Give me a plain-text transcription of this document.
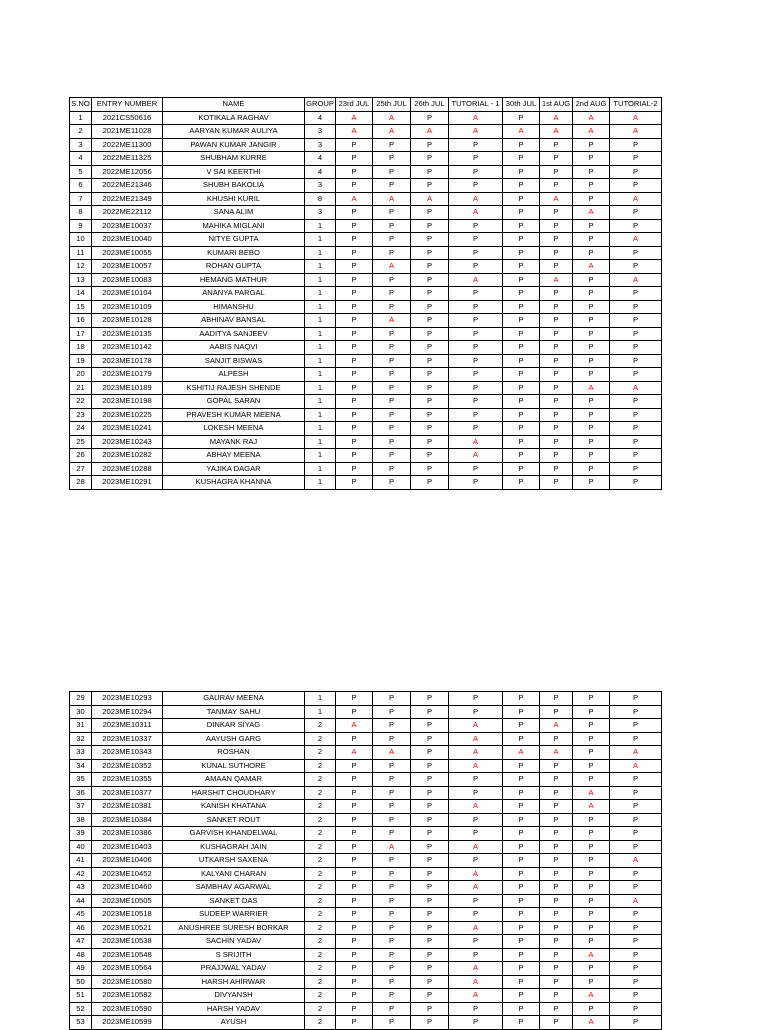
S.NO	ENTRY NUMBER	NAME	GROUP	23rd JUL	25th JUL	26th JUL	TUTORIAL - 1	30th JUL	1st AUG	2nd AUG	TUTORIAL-2
1	2021CS50616	KOTIKALA RAGHAV	4	A	A	P	A	P	A	A	A
2	2021ME11028	AARYAN KUMAR AULIYA	3	A	A	A	A	A	A	A	A
3	2022ME11300	PAWAN KUMAR JANGIR	3	P	P	P	P	P	P	P	P
4	2022ME11325	SHUBHAM KURRE	4	P	P	P	P	P	P	P	P
5	2022ME12056	V SAI KEERTHI	4	P	P	P	P	P	P	P	P
6	2022ME21346	SHUBH BAKOLIA	3	P	P	P	P	P	P	P	P
7	2022ME21349	KHUSHI KURIL	8	A	A	A	A	P	A	P	A
8	2022ME22112	SANA ALIM	3	P	P	P	A	P	P	A	P
9	2023ME10037	MAHIKA MIGLANI	1	P	P	P	P	P	P	P	P
10	2023ME10040	NITYE GUPTA	1	P	P	P	P	P	P	P	A
11	2023ME10055	KUMARI BEBO	1	P	P	P	P	P	P	P	P
12	2023ME10057	ROHAN GUPTA	1	P	A	P	P	P	P	A	P
13	2023ME10083	HEMANG MATHUR	1	P	P	P	A	P	A	P	A
14	2023ME10104	ANANYA PARGAL	1	P	P	P	P	P	P	P	P
15	2023ME10109	HIMANSHU	1	P	P	P	P	P	P	P	P
16	2023ME10128	ABHINAV BANSAL	1	P	A	P	P	P	P	P	P
17	2023ME10135	AADITYA SANJEEV	1	P	P	P	P	P	P	P	P
18	2023ME10142	AABIS NAQVI	1	P	P	P	P	P	P	P	P
19	2023ME10178	SANJIT BISWAS	1	P	P	P	P	P	P	P	P
20	2023ME10179	ALPESH	1	P	P	P	P	P	P	P	P
21	2023ME10189	KSHITIJ RAJESH SHENDE	1	P	P	P	P	P	P	A	A
22	2023ME10198	GOPAL SARAN	1	P	P	P	P	P	P	P	P
23	2023ME10225	PRAVESH KUMAR MEENA	1	P	P	P	P	P	P	P	P
24	2023ME10241	LOKESH MEENA	1	P	P	P	P	P	P	P	P
25	2023ME10243	MAYANK RAJ	1	P	P	P	A	P	P	P	P
26	2023ME10282	ABHAY MEENA	1	P	P	P	A	P	P	P	P
27	2023ME10288	YAJIKA DAGAR	1	P	P	P	P	P	P	P	P
28	2023ME10291	KUSHAGRA KHANNA	1	P	P	P	P	P	P	P	P
29	2023ME10293	GAURAV MEENA	1	P	P	P	P	P	P	P	P
30	2023ME10294	TANMAY SAHU	1	P	P	P	P	P	P	P	P
31	2023ME10311	DINKAR SIYAG	2	A	P	P	A	P	A	P	P
32	2023ME10337	AAYUSH GARG	2	P	P	P	A	P	P	P	P
33	2023ME10343	ROSHAN	2	A	A	P	A	A	A	P	A
34	2023ME10352	KUNAL SUTHORE	2	P	P	P	A	P	P	P	A
35	2023ME10355	AMAAN QAMAR	2	P	P	P	P	P	P	P	P
36	2023ME10377	HARSHIT CHOUDHARY	2	P	P	P	P	P	P	A	P
37	2023ME10381	KANISH KHATANA	2	P	P	P	A	P	P	A	P
38	2023ME10384	SANKET ROUT	2	P	P	P	P	P	P	P	P
39	2023ME10386	GARVISH KHANDELWAL	2	P	P	P	P	P	P	P	P
40	2023ME10403	KUSHAGRAH JAIN	2	P	A	P	A	P	P	P	P
41	2023ME10406	UTKARSH SAXENA	2	P	P	P	P	P	P	P	A
42	2023ME10452	KALYANI CHARAN	2	P	P	P	A	P	P	P	P
43	2023ME10460	SAMBHAV AGARWAL	2	P	P	P	A	P	P	P	P
44	2023ME10505	SANKET DAS	2	P	P	P	P	P	P	P	A
45	2023ME10518	SUDEEP WARRIER	2	P	P	P	P	P	P	P	P
46	2023ME10521	ANUSHREE SURESH BORKAR	2	P	P	P	A	P	P	P	P
47	2023ME10538	SACHIN YADAV	2	P	P	P	P	P	P	P	P
48	2023ME10548	S SRIJITH	2	P	P	P	P	P	P	A	P
49	2023ME10564	PRAJJWAL YADAV	2	P	P	P	A	P	P	P	P
50	2023ME10580	HARSH AHIRWAR	2	P	P	P	A	P	P	P	P
51	2023ME10582	DIVYANSH	2	P	P	P	A	P	P	A	P
52	2023ME10590	HARSH YADAV	2	P	P	P	P	P	P	P	P
53	2023ME10599	AYUSH	2	P	P	P	P	P	P	A	P
